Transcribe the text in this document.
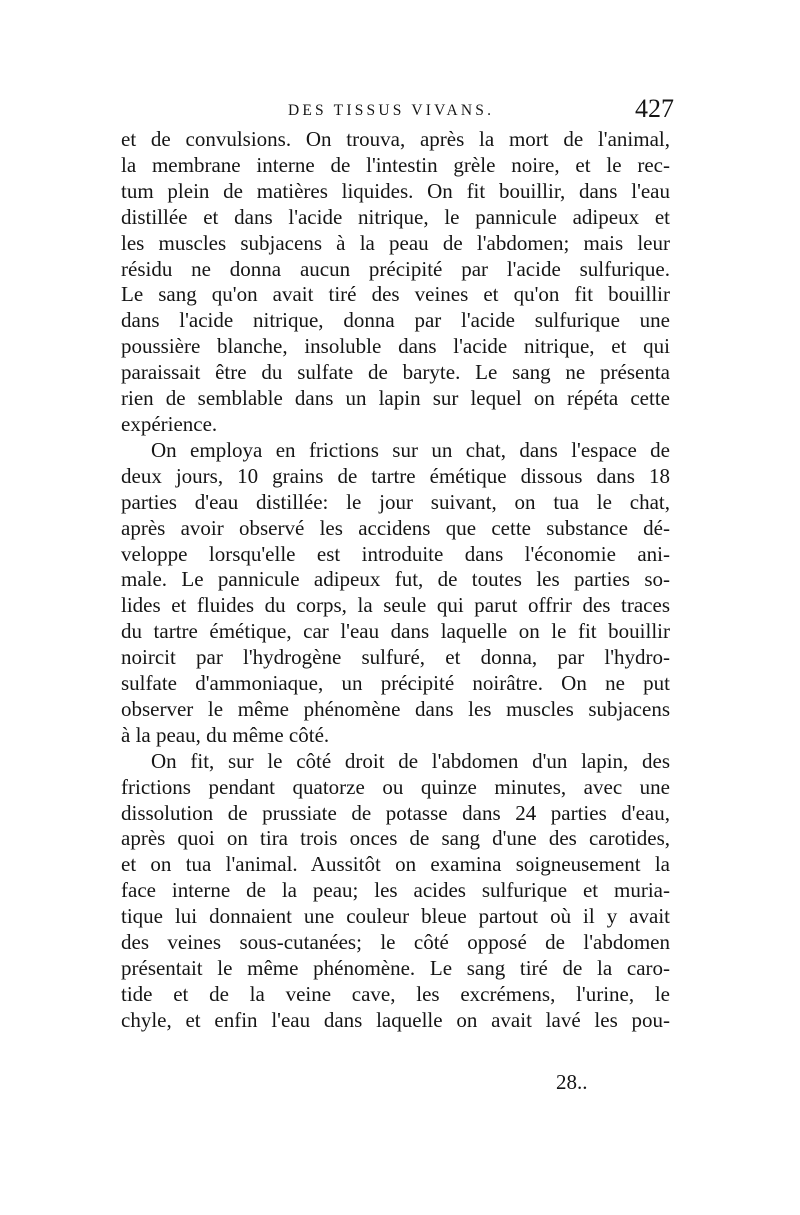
DES TISSUS VIVANS.	427
et de convulsions. On trouva, après la mort de l'animal,
la membrane interne de l'intestin grèle noire, et le rec-
tum plein de matières liquides. On fit bouillir, dans l'eau
distillée et dans l'acide nitrique, le pannicule adipeux et
les muscles subjacens à la peau de l'abdomen; mais leur
résidu ne donna aucun précipité par l'acide sulfurique.
Le sang qu'on avait tiré des veines et qu'on fit bouillir
dans l'acide nitrique, donna par l'acide sulfurique une
poussière blanche, insoluble dans l'acide nitrique, et qui
paraissait être du sulfate de baryte. Le sang ne présenta
rien de semblable dans un lapin sur lequel on répéta cette
expérience.
On employa en frictions sur un chat, dans l'espace de
deux jours, 10 grains de tartre émétique dissous dans 18
parties d'eau distillée: le jour suivant, on tua le chat,
après avoir observé les accidens que cette substance dé-
veloppe lorsqu'elle est introduite dans l'économie ani-
male. Le pannicule adipeux fut, de toutes les parties so-
lides et fluides du corps, la seule qui parut offrir des traces
du tartre émétique, car l'eau dans laquelle on le fit bouillir
noircit par l'hydrogène sulfuré, et donna, par l'hydro-
sulfate d'ammoniaque, un précipité noirâtre. On ne put
observer le même phénomène dans les muscles subjacens
à la peau, du même côté.
On fit, sur le côté droit de l'abdomen d'un lapin, des
frictions pendant quatorze ou quinze minutes, avec une
dissolution de prussiate de potasse dans 24 parties d'eau,
après quoi on tira trois onces de sang d'une des carotides,
et on tua l'animal. Aussitôt on examina soigneusement la
face interne de la peau; les acides sulfurique et muria-
tique lui donnaient une couleur bleue partout où il y avait
des veines sous-cutanées; le côté opposé de l'abdomen
présentait le même phénomène. Le sang tiré de la caro-
tide et de la veine cave, les excrémens, l'urine, le
chyle, et enfin l'eau dans laquelle on avait lavé les pou-
28..
